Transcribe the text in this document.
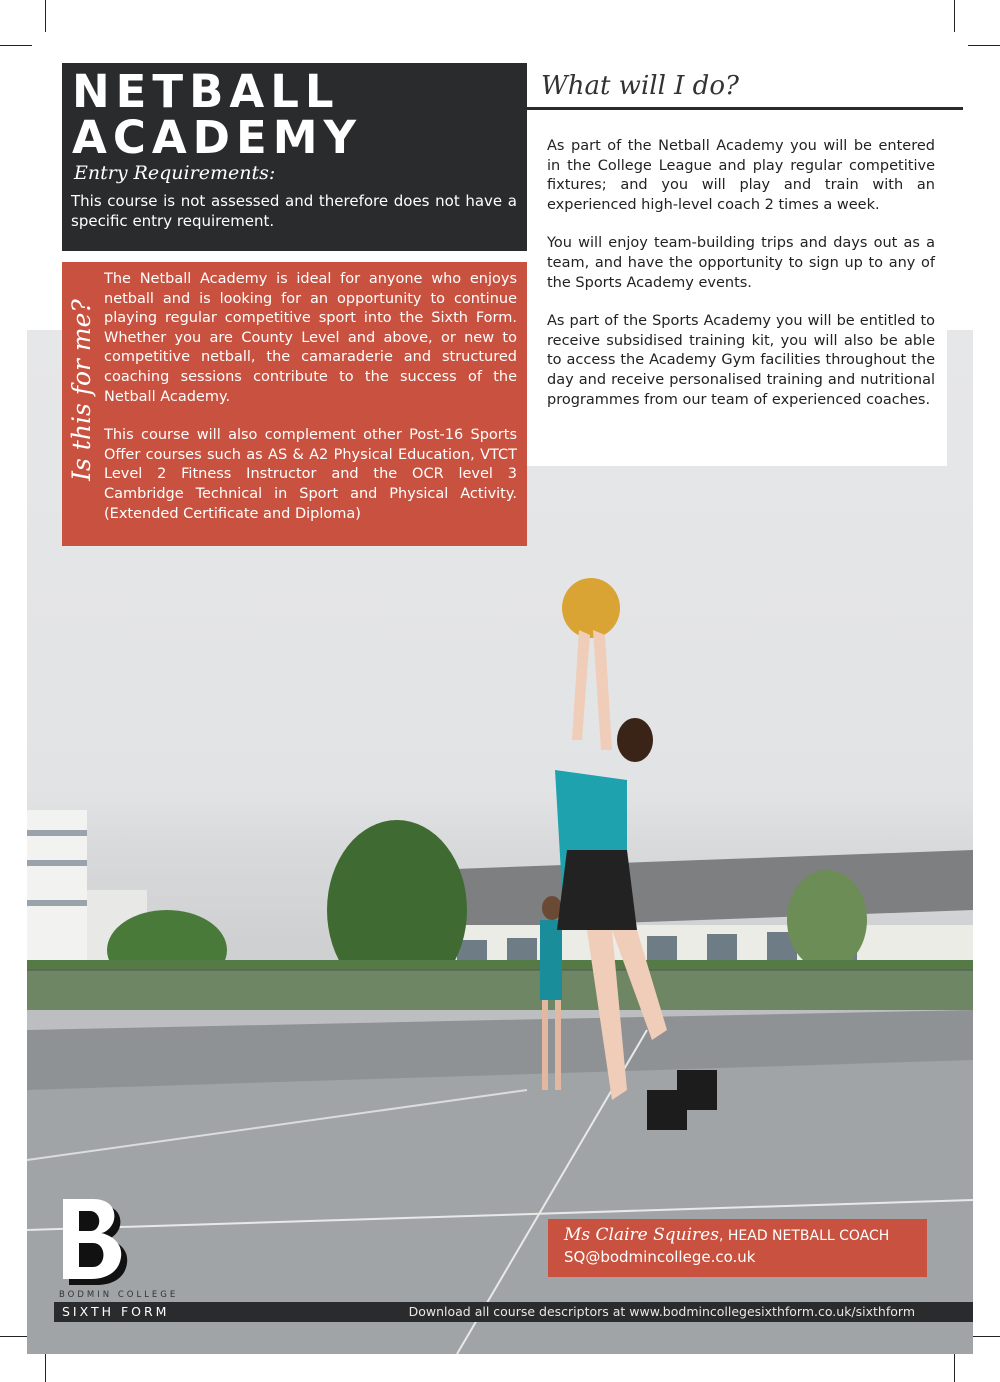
NETBALL
ACADEMY
Entry Requirements:
This course is not assessed and therefore does not have a specific entry requirement.
Is this for me?

The Netball Academy is ideal for anyone who enjoys netball and is looking for an opportunity to continue playing regular competitive sport into the Sixth Form. Whether you are County Level and above, or new to competitive netball, the camaraderie and structured coaching sessions contribute to the success of the Netball Academy.

This course will also complement other Post-16 Sports Offer courses such as AS & A2 Physical Education, VTCT Level 2 Fitness Instructor and the OCR level 3 Cambridge Technical in Sport and Physical Activity. (Extended Certificate and Diploma)

What will I do?

As part of the Netball Academy you will be entered in the College League and play regular competitive fixtures; and you will play and train with an experienced high-level coach 2 times a week.

You will enjoy team-building trips and days out as a team, and have the opportunity to sign up to any of the Sports Academy events.

As part of the Sports Academy you will be entitled to receive subsidised training kit, you will also be able to access the Academy Gym facilities throughout the day and receive personalised training and nutritional programmes from our team of experienced coaches.

Ms Claire Squires, HEAD NETBALL COACH
SQ@bodmincollege.co.uk
BODMIN COLLEGE
SIXTH FORM	Download all course descriptors at www.bodmincollegesixthform.co.uk/sixthform
